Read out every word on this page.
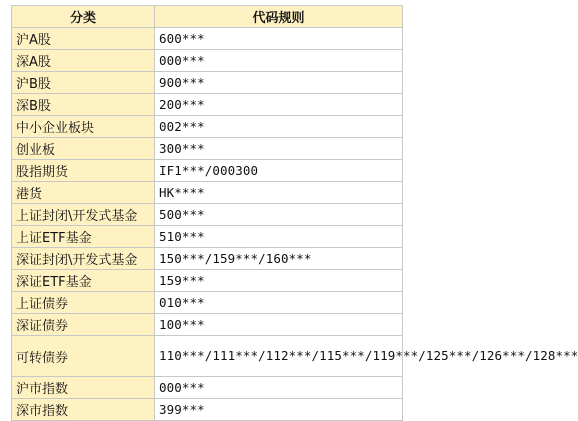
分类	代码规则
沪A股	600***
深A股	000***
沪B股	900***
深B股	200***
中小企业板块	002***
创业板	300***
股指期货	IF1***/000300
港货	HK****
上证封闭\开发式基金	500***
上证ETF基金	510***
深证封闭\开发式基金	150***/159***/160***
深证ETF基金	159***
上证债券	010***
深证债券	100***
可转债券	110***/111***/112***/115***/119***/125***/126***/128***
沪市指数	000***
深市指数	399***
